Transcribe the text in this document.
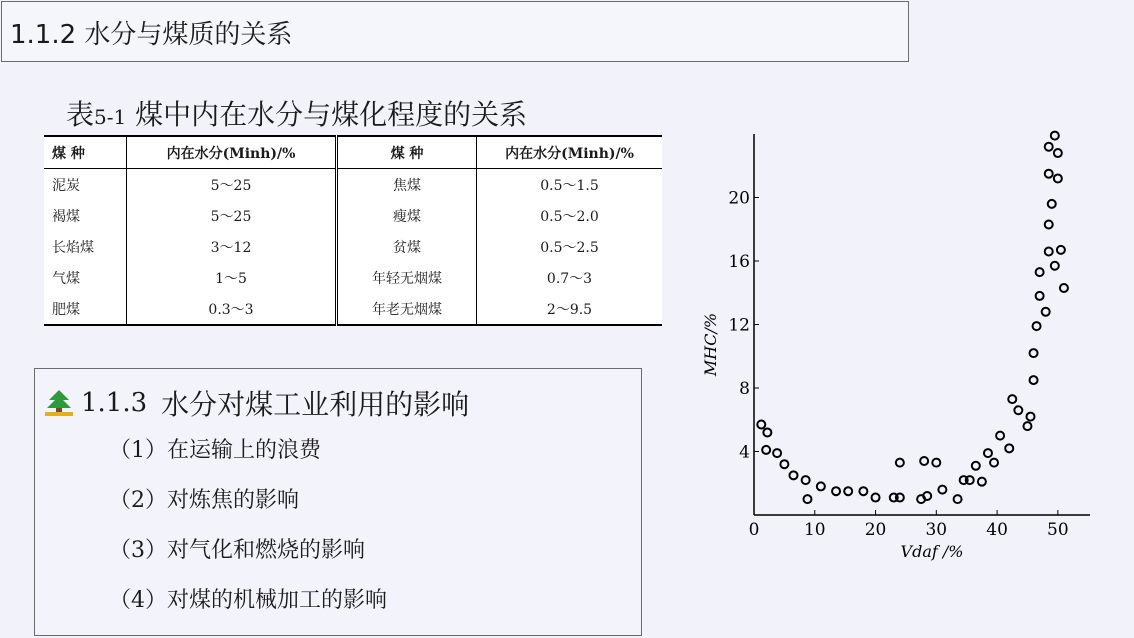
1.1.2 水分与煤质的关系
表5-1 煤中内在水分与煤化程度的关系
煤 种	内在水分(Minh)/%	煤 种	内在水分(Minh)/%
泥炭	5～25	焦煤	0.5～1.5
褐煤	5～25	瘦煤	0.5～2.0
长焰煤	3～12	贫煤	0.5～2.5
气煤	1～5	年轻无烟煤	0.7～3
肥煤	0.3～3	年老无烟煤	2～9.5
1.1.3 水分对煤工业利用的影响
（1）在运输上的浪费
（2）对炼焦的影响
（3）对气化和燃烧的影响
（4）对煤的机械加工的影响
0	10 20 30 40 50
4
8
12
16
20
Vdaf /%
MHC/%
